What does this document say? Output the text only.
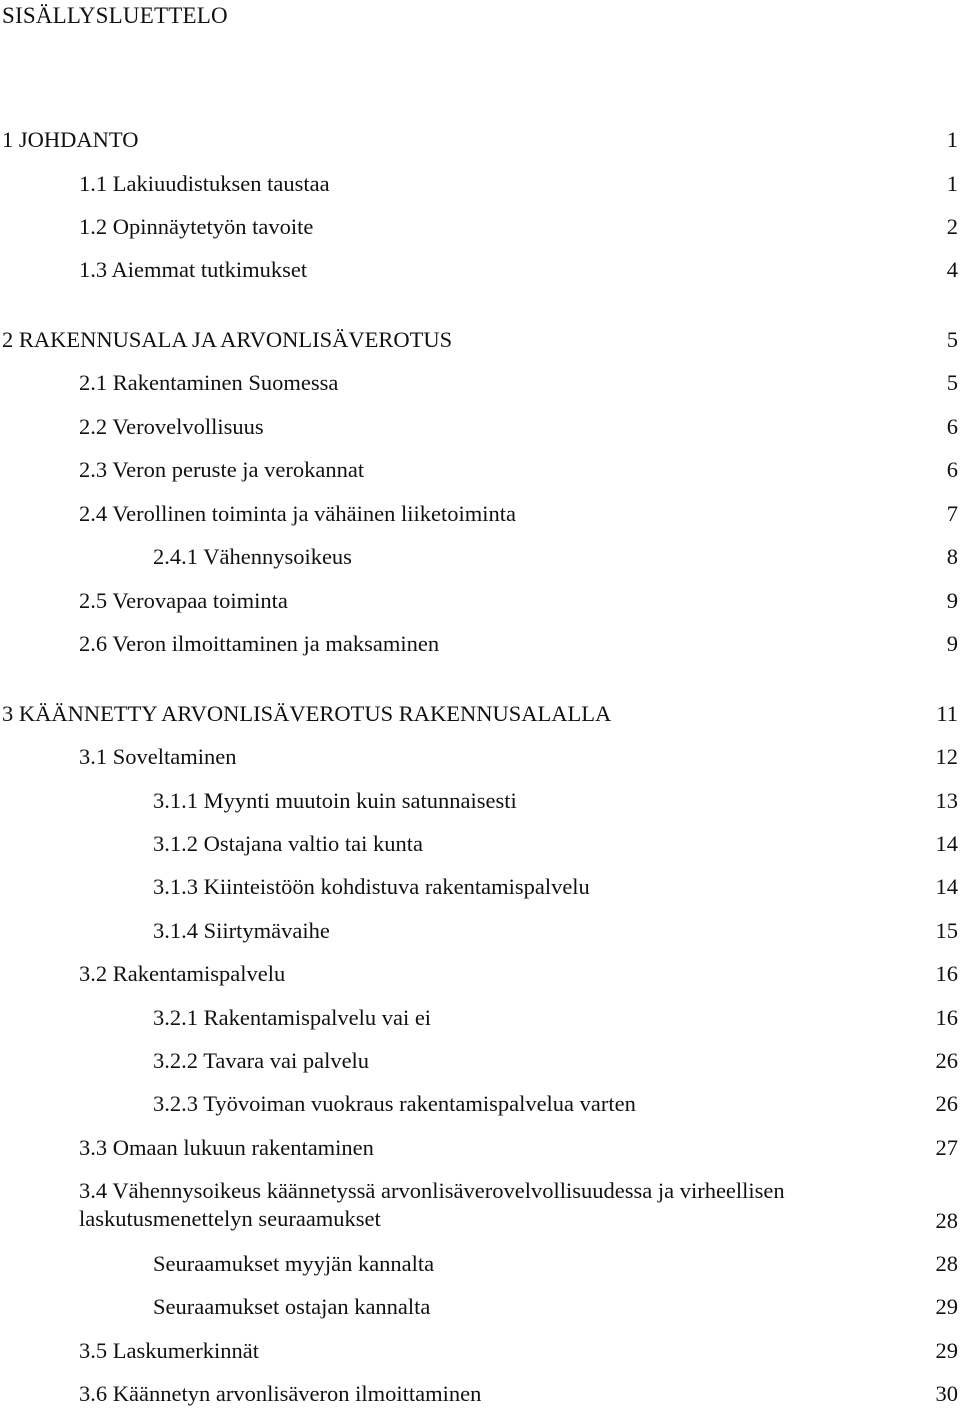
SISÄLLYSLUETTELO
1 JOHDANTO	1
1.1 Lakiuudistuksen taustaa	1
1.2 Opinnäytetyön tavoite	2
1.3 Aiemmat tutkimukset	4
2 RAKENNUSALA JA ARVONLISÄVEROTUS	5
2.1 Rakentaminen Suomessa	5
2.2 Verovelvollisuus	6
2.3 Veron peruste ja verokannat	6
2.4 Verollinen toiminta ja vähäinen liiketoiminta	7
2.4.1 Vähennysoikeus	8
2.5 Verovapaa toiminta	9
2.6 Veron ilmoittaminen ja maksaminen	9
3 KÄÄNNETTY ARVONLISÄVEROTUS RAKENNUSALALLA	11
3.1 Soveltaminen	12
3.1.1 Myynti muutoin kuin satunnaisesti	13
3.1.2 Ostajana valtio tai kunta	14
3.1.3 Kiinteistöön kohdistuva rakentamispalvelu	14
3.1.4 Siirtymävaihe	15
3.2 Rakentamispalvelu	16
3.2.1 Rakentamispalvelu vai ei	16
3.2.2 Tavara vai palvelu	26
3.2.3 Työvoiman vuokraus rakentamispalvelua varten	26
3.3 Omaan lukuun rakentaminen	27
3.4 Vähennysoikeus käännetyssä arvonlisäverovelvollisuudessa ja virheellisen laskutusmenettelyn seuraamukset	28
Seuraamukset myyjän kannalta	28
Seuraamukset ostajan kannalta	29
3.5 Laskumerkinnät	29
3.6 Käännetyn arvonlisäveron ilmoittaminen	30
